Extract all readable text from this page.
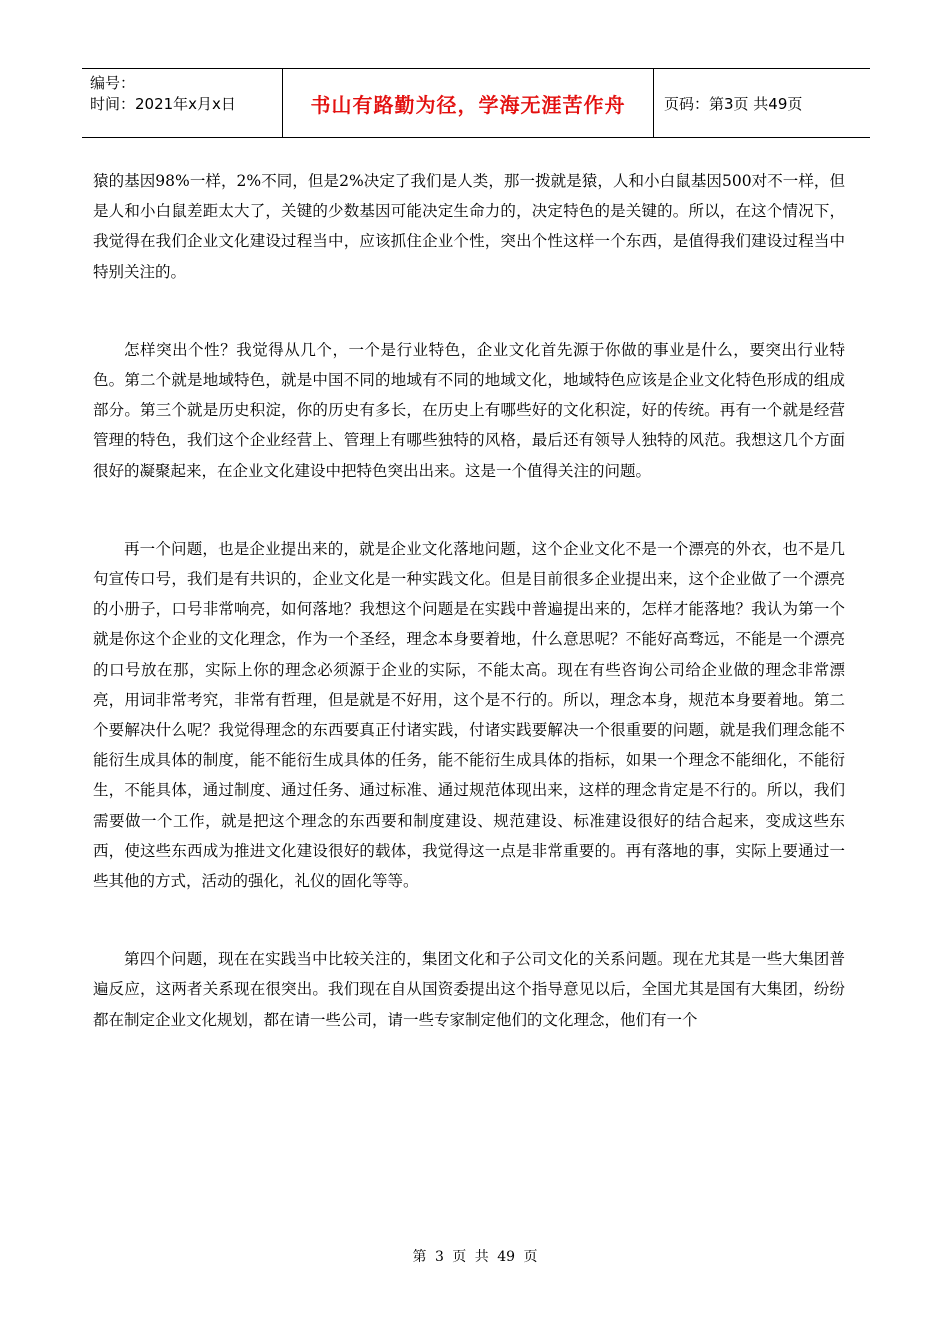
编号：
时间：2021年x月x日	书山有路勤为径，学海无涯苦作舟	页码：第3页 共49页

猿的基因98%一样，2%不同，但是2%决定了我们是人类，那一拨就是猿，人和小白鼠基因500对不一样，但是人和小白鼠差距太大了，关键的少数基因可能决定生命力的，决定特色的是关键的。所以，在这个情况下，我觉得在我们企业文化建设过程当中，应该抓住企业个性，突出个性这样一个东西，是值得我们建设过程当中特别关注的。

怎样突出个性？我觉得从几个，一个是行业特色，企业文化首先源于你做的事业是什么，要突出行业特色。第二个就是地域特色，就是中国不同的地域有不同的地域文化，地域特色应该是企业文化特色形成的组成部分。第三个就是历史积淀，你的历史有多长，在历史上有哪些好的文化积淀，好的传统。再有一个就是经营管理的特色，我们这个企业经营上、管理上有哪些独特的风格，最后还有领导人独特的风范。我想这几个方面很好的凝聚起来，在企业文化建设中把特色突出出来。这是一个值得关注的问题。

再一个问题，也是企业提出来的，就是企业文化落地问题，这个企业文化不是一个漂亮的外衣，也不是几句宣传口号，我们是有共识的，企业文化是一种实践文化。但是目前很多企业提出来，这个企业做了一个漂亮的小册子，口号非常响亮，如何落地？我想这个问题是在实践中普遍提出来的，怎样才能落地？我认为第一个就是你这个企业的文化理念，作为一个圣经，理念本身要着地，什么意思呢？不能好高骛远，不能是一个漂亮的口号放在那，实际上你的理念必须源于企业的实际，不能太高。现在有些咨询公司给企业做的理念非常漂亮，用词非常考究，非常有哲理，但是就是不好用，这个是不行的。所以，理念本身，规范本身要着地。第二个要解决什么呢？我觉得理念的东西要真正付诸实践，付诸实践要解决一个很重要的问题，就是我们理念能不能衍生成具体的制度，能不能衍生成具体的任务，能不能衍生成具体的指标，如果一个理念不能细化，不能衍生，不能具体，通过制度、通过任务、通过标准、通过规范体现出来，这样的理念肯定是不行的。所以，我们需要做一个工作，就是把这个理念的东西要和制度建设、规范建设、标准建设很好的结合起来，变成这些东西，使这些东西成为推进文化建设很好的载体，我觉得这一点是非常重要的。再有落地的事，实际上要通过一些其他的方式，活动的强化，礼仪的固化等等。

第四个问题，现在在实践当中比较关注的，集团文化和子公司文化的关系问题。现在尤其是一些大集团普遍反应，这两者关系现在很突出。我们现在自从国资委提出这个指导意见以后，全国尤其是国有大集团，纷纷都在制定企业文化规划，都在请一些公司，请一些专家制定他们的文化理念，他们有一个

第 3 页 共 49 页
